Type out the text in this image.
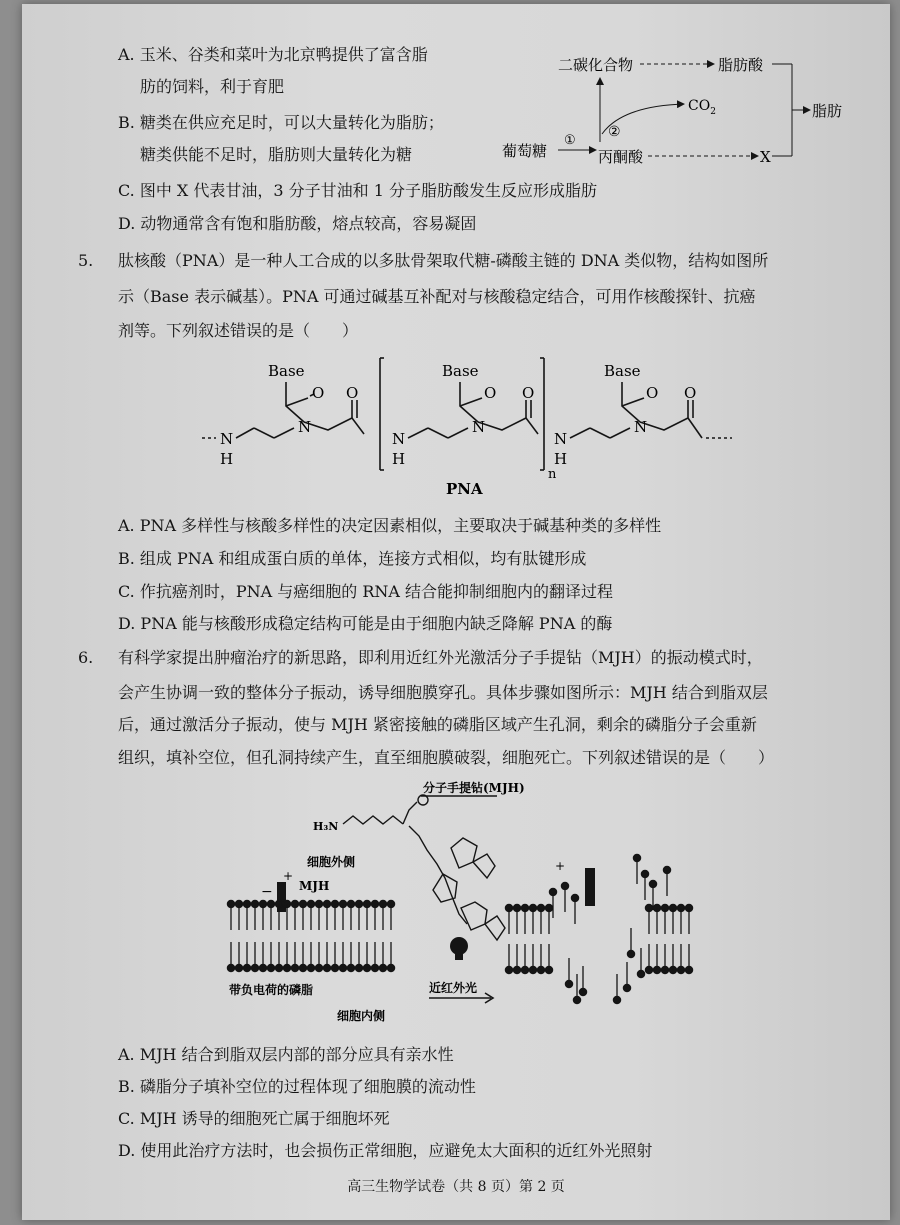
A. 玉米、谷类和菜叶为北京鸭提供了富含脂
肪的饲料，利于育肥
B. 糖类在供应充足时，可以大量转化为脂肪；
糖类供能不足时，脂肪则大量转化为糖
C. 图中 X 代表甘油，3 分子甘油和 1 分子脂肪酸发生反应形成脂肪
D. 动物通常含有饱和脂肪酸，熔点较高，容易凝固
二碳化合物	脂肪酸
脂肪
$CO_2$
②
葡萄糖
①
丙酮酸	X
5. 肽核酸（PNA）是一种人工合成的以多肽骨架取代糖-磷酸主链的 DNA 类似物，结构如图所
示（Base 表示碱基）。PNA 可通过碱基互补配对与核酸稳定结合，可用作核酸探针、抗癌
剂等。下列叙述错误的是（　　）
Base	Base	Base
O O	O O	O O
N
H
N
N
H
N
N
H
N
n
PNA
A. PNA 多样性与核酸多样性的决定因素相似，主要取决于碱基种类的多样性
B. 组成 PNA 和组成蛋白质的单体，连接方式相似，均有肽键形成
C. 作抗癌剂时，PNA 与癌细胞的 RNA 结合能抑制细胞内的翻译过程
D. PNA 能与核酸形成稳定结构可能是由于细胞内缺乏降解 PNA 的酶
6. 有科学家提出肿瘤治疗的新思路，即利用近红外光激活分子手提钻（MJH）的振动模式时，
会产生协调一致的整体分子振动，诱导细胞膜穿孔。具体步骤如图所示：MJH 结合到脂双层
后，通过激活分子振动，使与 MJH 紧密接触的磷脂区域产生孔洞，剩余的磷脂分子会重新
组织，填补空位，但孔洞持续产生，直至细胞膜破裂，细胞死亡。下列叙述错误的是（　　）
分子手提钻(MJH)
H₃N
细胞外侧
MJH
带负电荷的磷脂	近红外光
细胞内侧
+
−
+
A. MJH 结合到脂双层内部的部分应具有亲水性
B. 磷脂分子填补空位的过程体现了细胞膜的流动性
C. MJH 诱导的细胞死亡属于细胞坏死
D. 使用此治疗方法时，也会损伤正常细胞，应避免太大面积的近红外光照射
高三生物学试卷（共 8 页）第 2 页
